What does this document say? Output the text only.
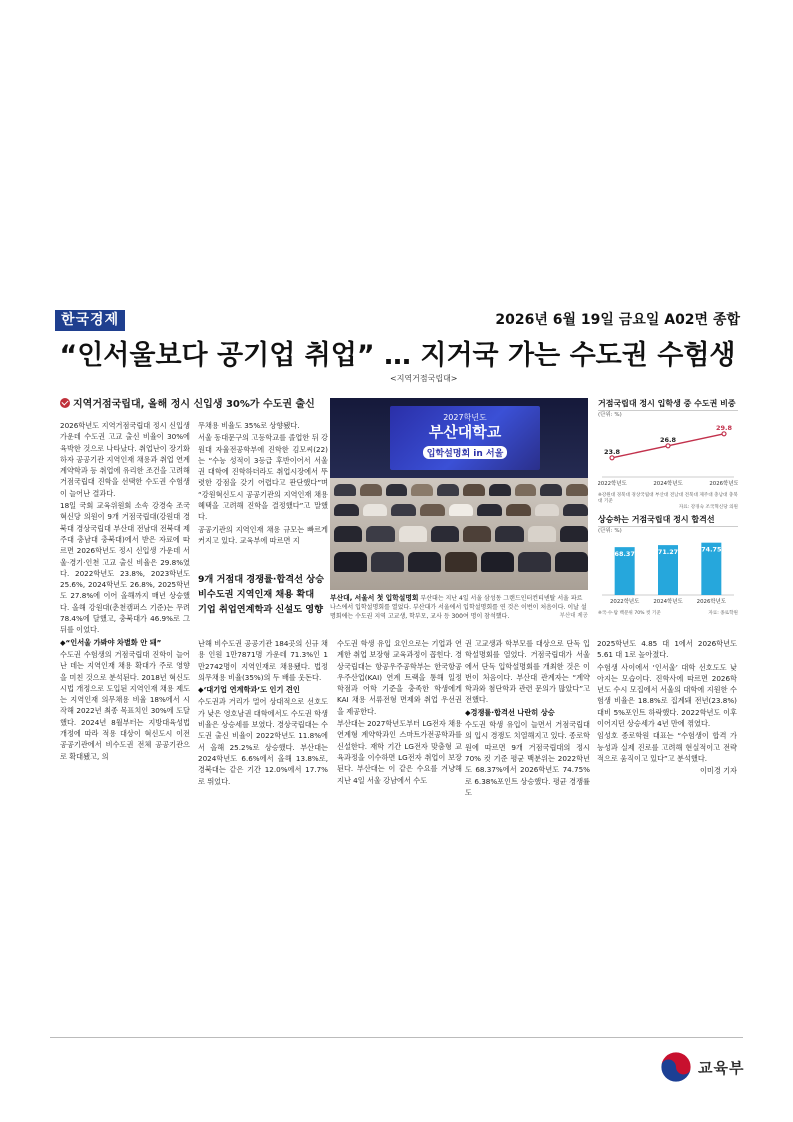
한국경제	2026년 6월 19일 금요일 A02면 종합
“인서울보다 공기업 취업” … 지거국 가는 수도권 수험생
<지역거점국립대>
지역거점국립대, 올해 정시 신입생 30%가 수도권 출신

2026학년도 지역거점국립대 정시 신입생 가운데 수도권 고교 출신 비율이 30%에 육박한 것으로 나타났다. 취업난이 장기화하자 공공기관 지역인재 채용과 취업 연계 계약학과 등 취업에 유리한 조건을 고려해 거점국립대 진학을 선택한 수도권 수험생이 늘어난 결과다.

18일 국회 교육위원회 소속 강경숙 조국혁신당 의원이 9개 거점국립대(강원대 경북대 경상국립대 부산대 전남대 전북대 제주대 충남대 충북대)에서 받은 자료에 따르면 2026학년도 정시 신입생 가운데 서울·경기·인천 고교 출신 비율은 29.8%였다. 2022학년도 23.8%, 2023학년도 25.6%, 2024학년도 26.8%, 2025학년도 27.8%에 이어 올해까지 매년 상승했다. 올해 강원대(춘천캠퍼스 기준)는 무려 78.4%에 달했고, 충북대가 46.9%로 그 뒤를 이었다.

◆“인서울 가봐야 차별화 안 돼”

수도권 수험생의 거점국립대 진학이 늘어난 데는 지역인재 채용 확대가 주로 영향을 미친 것으로 분석된다. 2018년 혁신도시법 개정으로 도입된 지역인재 채용 제도는 지역인재 의무채용 비율 18%에서 시작해 2022년 최종 목표치인 30%에 도달했다. 2024년 8월부터는 지방대육성법 개정에 따라 적용 대상이 혁신도시 이전 공공기관에서 비수도권 전체 공공기관으로 확대됐고, 의

무채용 비율도 35%로 상향됐다.

서울 동대문구의 고등학교를 졸업한 뒤 강원대 자율전공학부에 진학한 김모씨(22)는 “수능 성적이 3등급 후반이어서 서울권 대학에 진학하더라도 취업시장에서 뚜렷한 강점을 갖기 어렵다고 판단했다”며 “강원혁신도시 공공기관의 지역인재 채용 혜택을 고려해 진학을 결정했다”고 말했다.

공공기관의 지역인재 채용 규모는 빠르게 커지고 있다. 교육부에 따르면 지

9개 거점대 경쟁률·합격선 상승
비수도권 지역인재 채용 확대
기업 취업연계학과 신설도 영향

난해 비수도권 공공기관 184곳의 신규 채용 인원 1만7871명 가운데 71.3%인 1만2742명이 지역인재로 채용됐다. 법정 의무채용 비율(35%)의 두 배를 웃돈다.

◆‘대기업 연계학과’도 인기 견인

수도권과 거리가 멀어 상대적으로 선호도가 낮은 영호남권 대학에서도 수도권 학생 비율은 상승세를 보였다. 경상국립대는 수도권 출신 비율이 2022학년도 11.8%에서 올해 25.2%로 상승했다. 부산대는 2024학년도 6.6%에서 올해 13.8%로, 경북대는 같은 기간 12.0%에서 17.7%로 뛰었다.

수도권 학생 유입 요인으로는 기업과 연계한 취업 보장형 교육과정이 꼽힌다. 경상국립대는 항공우주공학부는 한국항공우주산업(KAI) 연계 트랙을 통해 일정 학점과 어학 기준을 충족한 학생에게 KAI 채용 서류전형 면제와 취업 우선권을 제공한다.

부산대는 2027학년도부터 LG전자 채용연계형 계약학과인 스마트가전공학과를 신설한다. 재학 기간 LG전자 맞춤형 교육과정을 이수하면 LG전자 취업이 보장된다. 부산대는 이 같은 수요를 겨냥해 지난 4일 서울 강남에서 수도

권 고교생과 학부모를 대상으로 단독 입학설명회를 열었다. 거점국립대가 서울에서 단독 입학설명회를 개최한 것은 이번이 처음이다. 부산대 관계자는 “계약학과와 첨단학과 관련 문의가 많았다”고 전했다.

◆경쟁률·합격선 나란히 상승

수도권 학생 유입이 늘면서 거점국립대의 입시 경쟁도 치열해지고 있다. 종로학원에 따르면 9개 거점국립대의 정시 70% 컷 기준 평균 백분위는 2022학년도 68.37%에서 2026학년도 74.75%로 6.38%포인트 상승했다. 평균 경쟁률도

2025학년도 4.85 대 1에서 2026학년도 5.61 대 1로 높아졌다.

수험생 사이에서 ‘인서울’ 대학 선호도도 낮아지는 모습이다. 진학사에 따르면 2026학년도 수시 모집에서 서울의 대학에 지원한 수험생 비율은 18.8%로 집계돼 전년(23.8%) 대비 5%포인트 하락했다. 2022학년도 이후 이어지던 상승세가 4년 만에 꺾였다.

임성호 종로학원 대표는 “수험생이 합격 가능성과 실제 진로를 고려해 현실적이고 전략적으로 움직이고 있다”고 분석했다.

이미경 기자

2027학년도
부산대학교
입학설명회 in 서울
부산대, 서울서 첫 입학설명회 부산대는 지난 4일 서울 삼성동 그랜드인터컨티넨탈 서울 파르나스에서 입학설명회를 열었다. 부산대가 서울에서 입학설명회를 연 것은 이번이 처음이다. 이날 설명회에는 수도권 지역 고교생, 학부모, 교사 등 300여 명이 참석했다.	부산대 제공
거점국립대 정시 입학생 중 수도권 비중
(단위: %)
23.8
2022학년도
26.8
2024학년도
29.8
2026학년도
※강원대 경북대 경상국립대 부산대 전남대 전북대 제주대 충남대 충북대 기준
자료: 강경숙 조국혁신당 의원
상승하는 거점국립대 정시 합격선
(단위: %)
68.37
2022학년도
71.27
2024학년도
74.75
2026학년도
※국·수·탐 백분위 70% 컷 기준	자료: 종로학원
교육부
